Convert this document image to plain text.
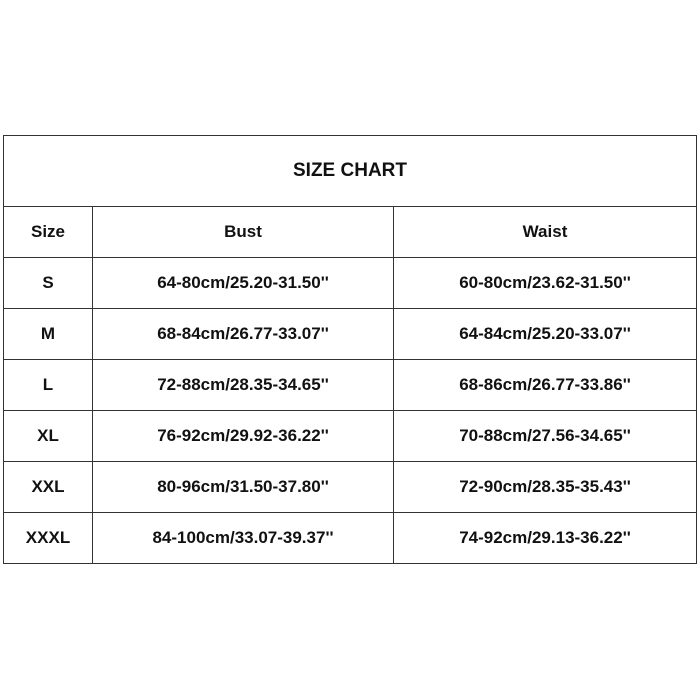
SIZE CHART		
Size	Bust	Waist
S	64-80cm/25.20-31.50''	60-80cm/23.62-31.50''
M	68-84cm/26.77-33.07''	64-84cm/25.20-33.07''
L	72-88cm/28.35-34.65''	68-86cm/26.77-33.86''
XL	76-92cm/29.92-36.22''	70-88cm/27.56-34.65''
XXL	80-96cm/31.50-37.80''	72-90cm/28.35-35.43''
XXXL	84-100cm/33.07-39.37''	74-92cm/29.13-36.22''
